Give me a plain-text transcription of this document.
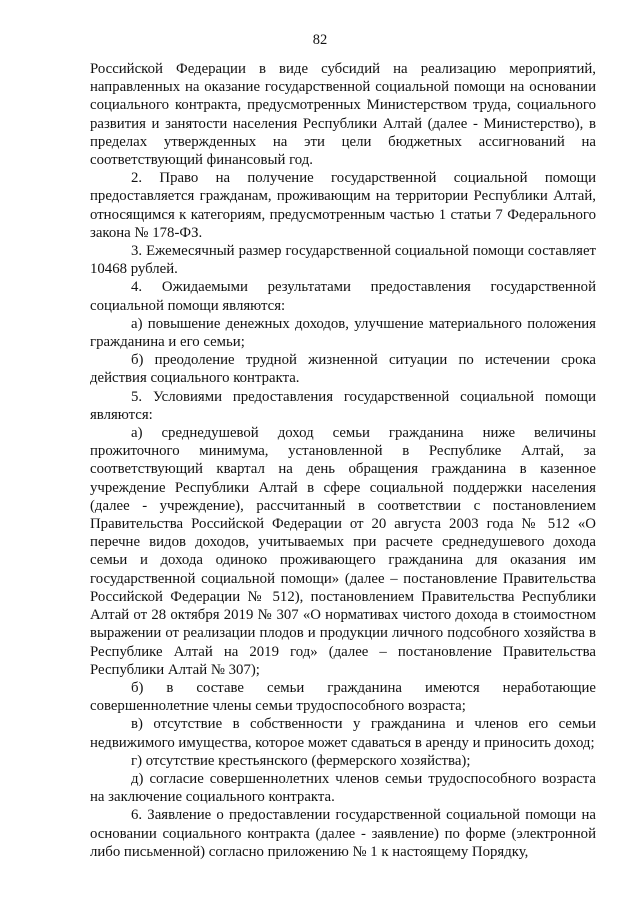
82

Российской Федерации в виде субсидий на реализацию мероприятий, направленных на оказание государственной социальной помощи на основании социального контракта, предусмотренных Министерством труда, социального развития и занятости населения Республики Алтай (далее - Министерство), в пределах утвержденных на эти цели бюджетных ассигнований на соответствующий финансовый год.

2. Право на получение государственной социальной помощи предоставляется гражданам, проживающим на территории Республики Алтай, относящимся к категориям, предусмотренным частью 1 статьи 7 Федерального закона № 178-ФЗ.

3. Ежемесячный размер государственной социальной помощи составляет 10468 рублей.

4. Ожидаемыми результатами предоставления государственной социальной помощи являются:

а) повышение денежных доходов, улучшение материального положения гражданина и его семьи;

б) преодоление трудной жизненной ситуации по истечении срока действия социального контракта.

5. Условиями предоставления государственной социальной помощи являются:

а) среднедушевой доход семьи гражданина ниже величины прожиточного минимума, установленной в Республике Алтай, за соответствующий квартал на день обращения гражданина в казенное учреждение Республики Алтай в сфере социальной поддержки населения (далее - учреждение), рассчитанный в соответствии с постановлением Правительства Российской Федерации от 20 августа 2003 года № 512 «О перечне видов доходов, учитываемых при расчете среднедушевого дохода семьи и дохода одиноко проживающего гражданина для оказания им государственной социальной помощи» (далее – постановление Правительства Российской Федерации № 512), постановлением Правительства Республики Алтай от 28 октября 2019 № 307 «О нормативах чистого дохода в стоимостном выражении от реализации плодов и продукции личного подсобного хозяйства в Республике Алтай на 2019 год» (далее – постановление Правительства Республики Алтай № 307);

б) в составе семьи гражданина имеются неработающие совершеннолетние члены семьи трудоспособного возраста;

в) отсутствие в собственности у гражданина и членов его семьи недвижимого имущества, которое может сдаваться в аренду и приносить доход;

г) отсутствие крестьянского (фермерского хозяйства);

д) согласие совершеннолетних членов семьи трудоспособного возраста на заключение социального контракта.

6. Заявление о предоставлении государственной социальной помощи на основании социального контракта (далее - заявление) по форме (электронной либо письменной) согласно приложению № 1 к настоящему Порядку,
